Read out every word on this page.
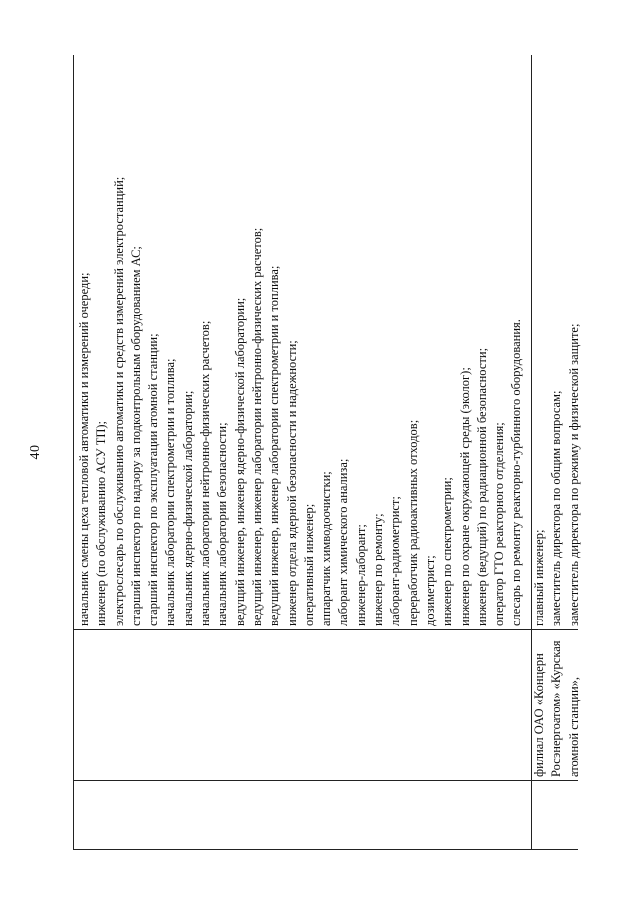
40
филиал ОАО «Концерн Росэнергоатом» «Курская атомной станции»,
начальник смены цеха тепловой автоматики и измерений очереди; инженер (по обслуживанию АСУ ТП); электрослесарь по обслуживанию автоматики и средств измерений электростанций; старший инспектор по надзору за подконтрольным оборудованием АС; старший инспектор по эксплуатации атомной станции; начальник лаборатории спектрометрии и топлива; начальник ядерно-физической лаборатории; начальник лаборатории нейтронно-физических расчетов; начальник лаборатории безопасности; ведущий инженер, инженер ядерно-физической лаборатории; ведущий инженер, инженер лаборатории нейтронно-физических расчетов; ведущий инженер, инженер лаборатории спектрометрии и топлива; инженер отдела ядерной безопасности и надежности; оперативный инженер; аппаратчик химводоочистки; лаборант химического анализа; инженер-лаборант; инженер по ремонту; лаборант-радиометрист; переработчик радиоактивных отходов; дозиметрист; инженер по спектрометрии; инженер по охране окружающей среды (эколог); инженер (ведущий) по радиационной безопасности; оператор ГТО реакторного отделения; слесарь по ремонту реакторно-турбинного оборудования. главный инженер; заместитель директора по общим вопросам; заместитель директора по режиму и физической защите;
